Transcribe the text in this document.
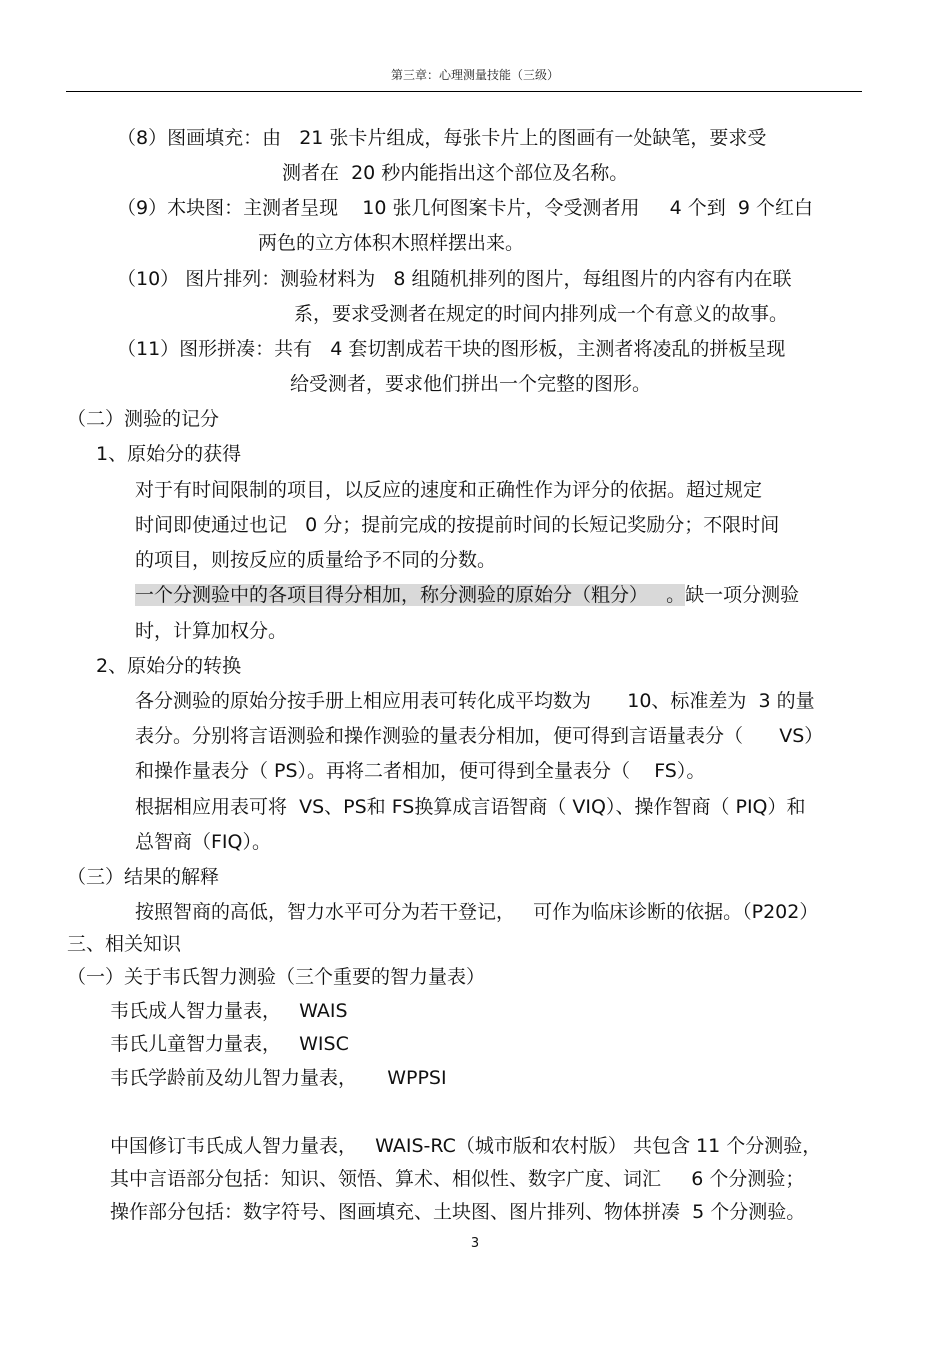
第三章：心理测量技能（三级）
（8）图画填充：由   21 张卡片组成，每张卡片上的图画有一处缺笔，要求受
测者在  20 秒内能指出这个部位及名称。
（9）木块图：主测者呈现    10 张几何图案卡片，令受测者用     4 个到  9 个红白
两色的立方体积木照样摆出来。
（10） 图片排列：测验材料为   8 组随机排列的图片，每组图片的内容有内在联
系，要求受测者在规定的时间内排列成一个有意义的故事。
（11）图形拼凑：共有   4 套切割成若干块的图形板，主测者将凌乱的拼板呈现
给受测者，要求他们拼出一个完整的图形。
（二）测验的记分
1、原始分的获得
对于有时间限制的项目，以反应的速度和正确性作为评分的依据。超过规定
时间即使通过也记   0 分；提前完成的按提前时间的长短记奖励分；不限时间
的项目，则按反应的质量给予不同的分数。
一个分测验中的各项目得分相加，称分测验的原始分（粗分）   。缺一项分测验
时，计算加权分。
2、原始分的转换
各分测验的原始分按手册上相应用表可转化成平均数为      10、标准差为  3 的量
表分。分别将言语测验和操作测验的量表分相加，便可得到言语量表分（      VS）
和操作量表分（ PS）。再将二者相加，便可得到全量表分（    FS）。
根据相应用表可将  VS、PS和 FS换算成言语智商（ VIQ）、操作智商（ PIQ）和
总智商（FIQ）。
（三）结果的解释
按照智商的高低，智力水平可分为若干登记，   可作为临床诊断的依据。（P202）
三、相关知识
（一）关于韦氏智力测验（三个重要的智力量表）
韦氏成人智力量表，   WAIS
韦氏儿童智力量表，   WISC
韦氏学龄前及幼儿智力量表，     WPPSI
中国修订韦氏成人智力量表，   WAIS-RC（城市版和农村版） 共包含 11 个分测验，
其中言语部分包括：知识、领悟、算术、相似性、数字广度、词汇     6 个分测验；
操作部分包括：数字符号、图画填充、土块图、图片排列、物体拼凑  5 个分测验。
3
